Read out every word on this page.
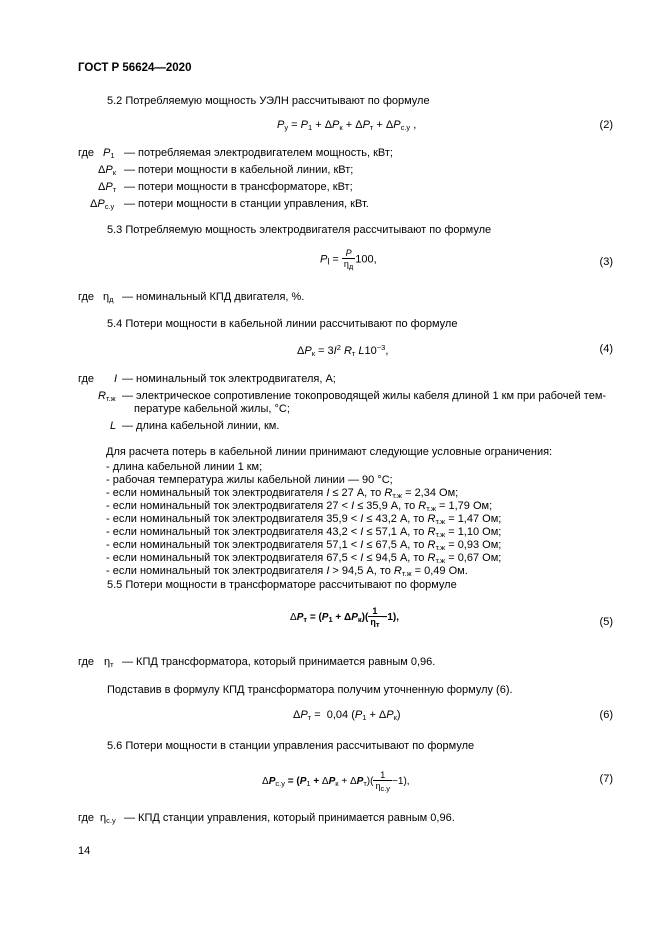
ГОСТ Р 56624—2020
5.2 Потребляемую мощность УЭЛН рассчитывают по формуле
$P_у = P_1 + \Delta P_к + \Delta P_т + \Delta P_{с.у}$ ,	(2)
где $P_1$ — потребляемая электродвигателем мощность, кВт;
$\Delta P_к$ — потери мощности в кабельной линии, кВт;
$\Delta P_т$ — потери мощности в трансформаторе, кВт;
$\Delta P_{с.у}$ — потери мощности в станции управления, кВт.
5.3 Потребляемую мощность электродвигателя рассчитывают по формуле
$P_l = \frac{P}{\eta_д} 100$,	(3)
где $\eta_д$ — номинальный КПД двигателя, %.
5.4 Потери мощности в кабельной линии рассчитывают по формуле
$\Delta P_к = 3I^2$ $R_т$ $L10^{-3}$,	(4)
где I — номинальный ток электродвигателя, А;
$R_{т.ж}$ — электрическое сопротивление токопроводящей жилы кабеля длиной 1 км при рабочей тем-
пературе кабельной жилы, °С;
L — длина кабельной линии, км.
Для расчета потерь в кабельной линии принимают следующие условные ограничения:
- длина кабельной линии 1 км;
- рабочая температура жилы кабельной линии — 90 °С;
- если номинальный ток электродвигателя I ≤ 27 А, то $R_{т.ж} = 2,34$ Ом;
- если номинальный ток электродвигателя 27 < I ≤ 35,9 А, то $R_{т.ж} = 1,79$ Ом;
- если номинальный ток электродвигателя 35,9 < I ≤ 43,2 А, то $R_{т.ж} = 1,47$ Ом;
- если номинальный ток электродвигателя 43,2 < I ≤ 57,1 А, то $R_{т.ж} = 1,10$ Ом;
- если номинальный ток электродвигателя 57,1 < I ≤ 67,5 А, то $R_{т.ж} = 0,93$ Ом;
- если номинальный ток электродвигателя 67,5 < I ≤ 94,5 А, то $R_{т.ж} = 0,67$ Ом;
- если номинальный ток электродвигателя I > 94,5 А, то $R_{т.ж} = 0,49$ Ом.
5.5 Потери мощности в трансформаторе рассчитывают по формуле
$\Delta P_т = (P_1 + \Delta P_к)( \frac{1}{\eta_т} -1)$,	(5)
где $\eta_т$ — КПД трансформатора, который принимается равным 0,96.
Подставив в формулу КПД трансформатора получим уточненную формулу (6).
$\Delta P_т = 0,04$ $(P_1 + \Delta P_к)$	(6)
5.6 Потери мощности в станции управления рассчитывают по формуле
$\Delta P_{с.у} = (P_1 + \Delta P_к + \Delta P_т)( \frac{1}{\eta_{с.у}} -1)$,	(7)
где $\eta_{с.у}$ — КПД станции управления, который принимается равным 0,96.
14
